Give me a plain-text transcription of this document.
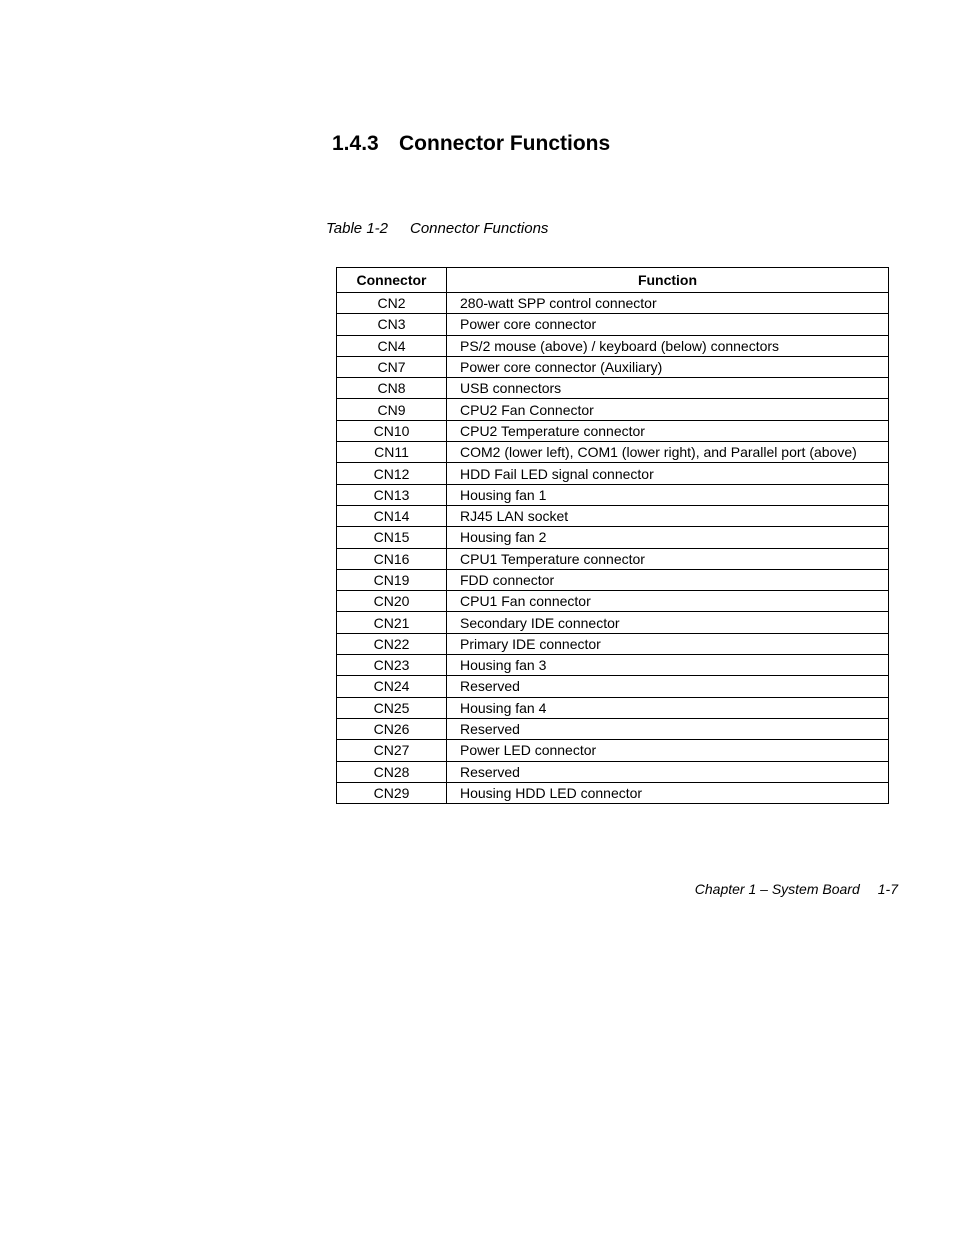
1.4.3 Connector Functions
Table 1-2 Connector Functions
Connector	Function
CN2	280-watt SPP control connector
CN3	Power core connector
CN4	PS/2 mouse (above) / keyboard (below) connectors
CN7	Power core connector (Auxiliary)
CN8	USB connectors
CN9	CPU2 Fan Connector
CN10	CPU2 Temperature connector
CN11	COM2 (lower left), COM1 (lower right), and Parallel port (above)
CN12	HDD Fail LED signal connector
CN13	Housing fan 1
CN14	RJ45 LAN socket
CN15	Housing fan 2
CN16	CPU1 Temperature connector
CN19	FDD connector
CN20	CPU1 Fan connector
CN21	Secondary IDE connector
CN22	Primary IDE connector
CN23	Housing fan 3
CN24	Reserved
CN25	Housing fan 4
CN26	Reserved
CN27	Power LED connector
CN28	Reserved
CN29	Housing HDD LED connector
Chapter 1 – System Board 1-7
